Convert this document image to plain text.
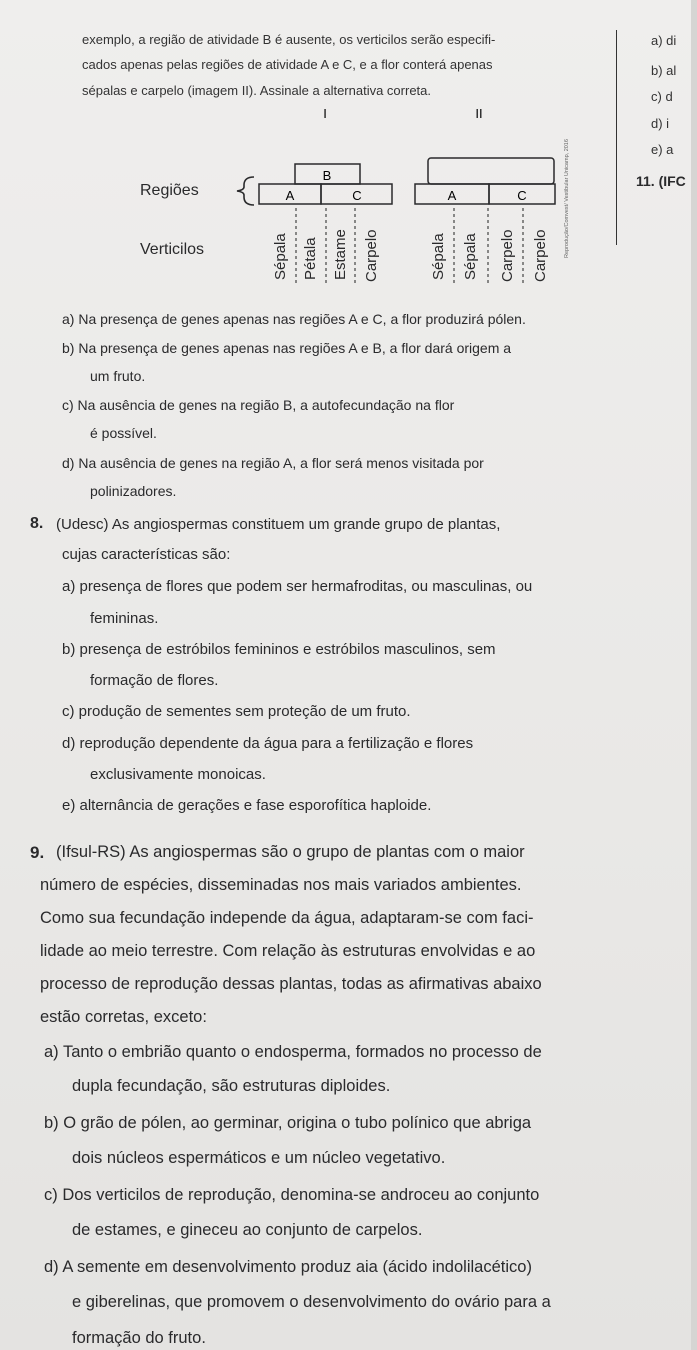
exemplo, a região de atividade B é ausente, os verticilos serão especifi-
cados apenas pelas regiões de atividade A e C, e a flor conterá apenas
sépalas e carpelo (imagem II). Assinale a alternativa correta.
a) di
b) al
c) d
d) i
e) a
11. (IFC
I	II
Regiões
Verticilos
B
A	C	A	C
Sépala Pétala Estame Carpelo	Sépala Sépala Carpelo Carpelo	Reprodução/Comvest/ Vestibular Unicamp, 2016
a) Na presença de genes apenas nas regiões A e C, a flor produzirá pólen.
b) Na presença de genes apenas nas regiões A e B, a flor dará origem a
um fruto.
c) Na ausência de genes na região B, a autofecundação na flor
é possível.
d) Na ausência de genes na região A, a flor será menos visitada por
polinizadores.
8. (Udesc) As angiospermas constituem um grande grupo de plantas,
cujas características são:
a) presença de flores que podem ser hermafroditas, ou masculinas, ou
femininas.
b) presença de estróbilos femininos e estróbilos masculinos, sem
formação de flores.
c) produção de sementes sem proteção de um fruto.
d) reprodução dependente da água para a fertilização e flores
exclusivamente monoicas.
e) alternância de gerações e fase esporofítica haploide.
9. (Ifsul-RS) As angiospermas são o grupo de plantas com o maior
número de espécies, disseminadas nos mais variados ambientes.
Como sua fecundação independe da água, adaptaram-se com faci-
lidade ao meio terrestre. Com relação às estruturas envolvidas e ao
processo de reprodução dessas plantas, todas as afirmativas abaixo
estão corretas, exceto:
a) Tanto o embrião quanto o endosperma, formados no processo de
dupla fecundação, são estruturas diploides.
b) O grão de pólen, ao germinar, origina o tubo polínico que abriga
dois núcleos espermáticos e um núcleo vegetativo.
c) Dos verticilos de reprodução, denomina-se androceu ao conjunto
de estames, e gineceu ao conjunto de carpelos.
d) A semente em desenvolvimento produz aia (ácido indolilacético)
e giberelinas, que promovem o desenvolvimento do ovário para a
formação do fruto.
